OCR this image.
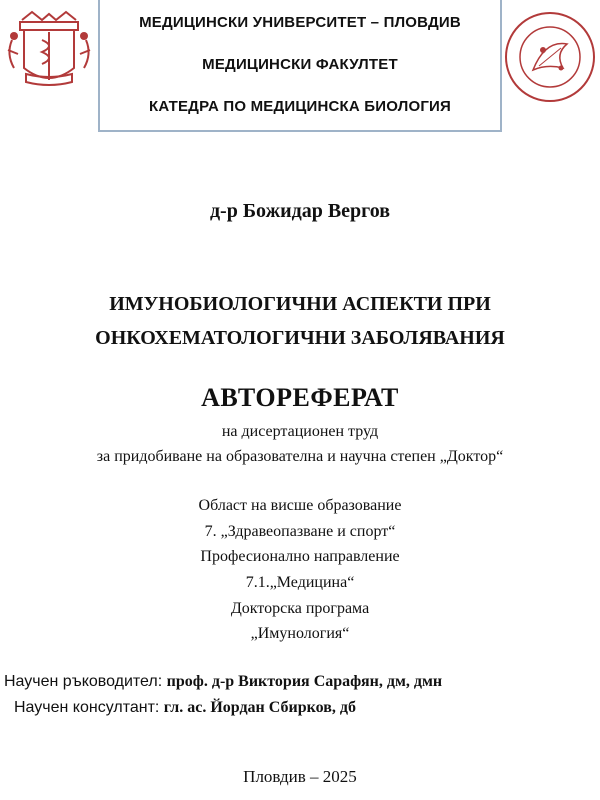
МЕДИЦИНСКИ УНИВЕРСИТЕТ – ПЛОВДИВ
МЕДИЦИНСКИ ФАКУЛТЕТ
КАТЕДРА ПО МЕДИЦИНСКА БИОЛОГИЯ
д-р Божидар Вергов
ИМУНОБИОЛОГИЧНИ АСПЕКТИ ПРИ
ОНКОХЕМАТОЛОГИЧНИ ЗАБОЛЯВАНИЯ
АВТОРЕФЕРАТ
на дисертационен труд
за придобиване на образователна и научна степен „Доктор“
Област на висше образование
7. „Здравеопазване и спорт“
Професионално направление
7.1.„Медицина“
Докторска програма
„Имунология“
Научен ръководител: проф. д-р Виктория Сарафян, дм, дмн
Научен консултант: гл. ас. Йордан Сбирков, дб
Пловдив – 2025
